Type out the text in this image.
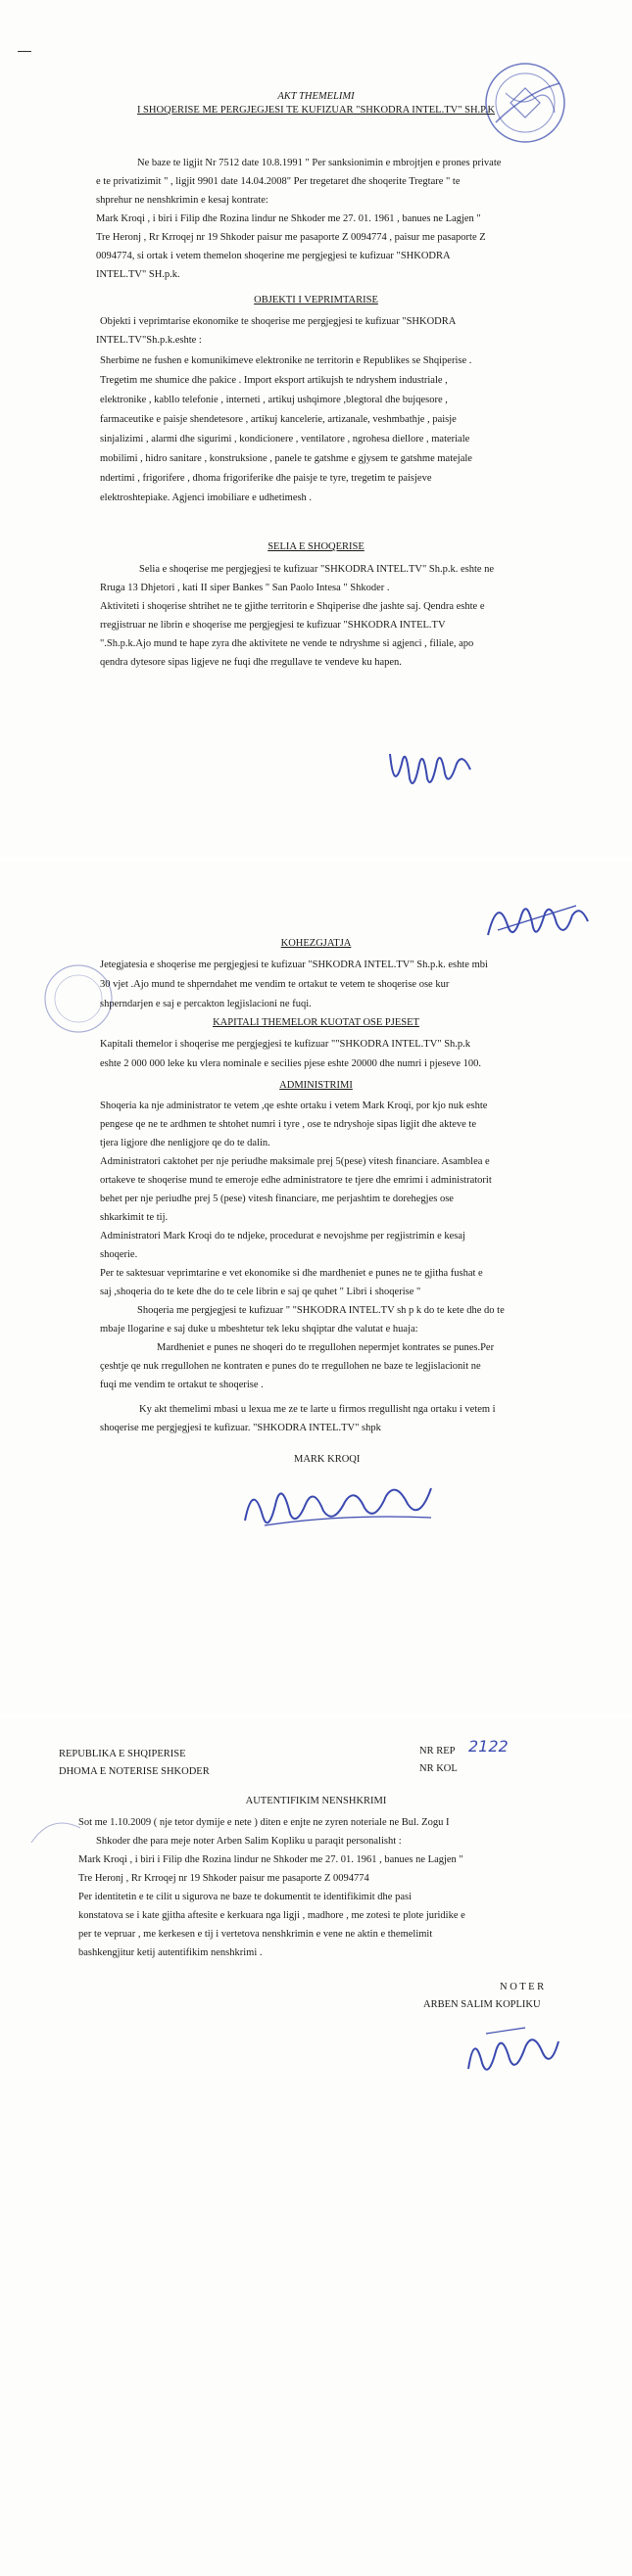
AKT THEMELIMI
I SHOQERISE ME PERGJEGJESI TE KUFIZUAR "SHKODRA INTEL.TV" SH.P.K
Ne baze te ligjit Nr 7512 date 10.8.1991 " Per sanksionimin e mbrojtjen e prones private
e te privatizimit " , ligjit 9901 date 14.04.2008" Per tregetaret dhe shoqerite Tregtare " te
shprehur ne nenshkrimin e kesaj kontrate:
Mark Kroqi , i biri i Filip dhe Rozina lindur ne Shkoder me 27. 01. 1961 , banues ne Lagjen "
Tre Heronj , Rr Krroqej nr 19 Shkoder paisur me pasaporte Z 0094774 , paisur me pasaporte Z
0094774, si ortak i vetem themelon shoqerine me pergjegjesi te kufizuar "SHKODRA
INTEL.TV" SH.p.k.
OBJEKTI I VEPRIMTARISE
Objekti i veprimtarise ekonomike te shoqerise me pergjegjesi te kufizuar "SHKODRA
INTEL.TV"Sh.p.k.eshte :
Sherbime ne fushen e komunikimeve elektronike ne territorin e Republikes se Shqiperise .
Tregetim me shumice dhe pakice . Import eksport artikujsh te ndryshem industriale ,
elektronike , kabllo telefonie , interneti , artikuj ushqimore ,blegtoral dhe bujqesore ,
farmaceutike e paisje shendetesore , artikuj kancelerie, artizanale, veshmbathje , paisje
sinjalizimi , alarmi dhe sigurimi , kondicionere , ventilatore , ngrohesa diellore , materiale
mobilimi , hidro sanitare , konstruksione , panele te gatshme e gjysem te gatshme matejale
ndertimi , frigorifere , dhoma frigoriferike dhe paisje te tyre, tregetim te paisjeve
elektroshtepiake. Agjenci imobiliare e udhetimesh .
SELIA E SHOQERISE
Selia e shoqerise me pergjegjesi te kufizuar "SHKODRA INTEL.TV" Sh.p.k. eshte ne
Rruga 13 Dhjetori , kati II siper Bankes " San Paolo Intesa " Shkoder .
Aktiviteti i shoqerise shtrihet ne te gjithe territorin e Shqiperise dhe jashte saj. Qendra eshte e
rregjistruar ne librin e shoqerise me pergjegjesi te kufizuar "SHKODRA INTEL.TV
".Sh.p.k.Ajo mund te hape zyra dhe aktivitete ne vende te ndryshme si agjenci , filiale, apo
qendra dytesore sipas ligjeve ne fuqi dhe rregullave te vendeve ku hapen.
KOHEZGJATJA
Jetegjatesia e shoqerise me pergjegjesi te kufizuar "SHKODRA INTEL.TV" Sh.p.k. eshte mbi
30 vjet .Ajo mund te shperndahet me vendim te ortakut te vetem te shoqerise ose kur
shperndarjen e saj e percakton legjislacioni ne fuqi.
KAPITALI THEMELOR KUOTAT OSE PJESET
Kapitali themelor i shoqerise me pergjegjesi te kufizuar ""SHKODRA INTEL.TV" Sh.p.k
eshte 2 000 000 leke ku vlera nominale e secilies pjese eshte 20000 dhe numri i pjeseve 100.
ADMINISTRIMI
Shoqeria ka nje administrator te vetem ,qe eshte ortaku i vetem Mark Kroqi, por kjo nuk eshte
pengese qe ne te ardhmen te shtohet numri i tyre , ose te ndryshoje sipas ligjit dhe aktevе te
tjera ligjore dhe nenligjore qe do te dalin.
Administratori caktohet per nje periudhe maksimale prej 5(pese) vitesh financiare. Asamblea e
ortakeve te shoqerise mund te emeroje edhe administratore te tjere dhe emrimi i administratorit
behet per nje periudhe prej 5 (pese) vitesh financiare, me perjashtim te dorehegjes ose
shkarkimit te tij.
Administratori Mark Kroqi do te ndjeke, procedurat e nevojshme per regjistrimin e kesaj
shoqerie.
Per te saktesuar veprimtarine e vet ekonomike si dhe mardheniet e punes ne te gjitha fushat e
saj ,shoqeria do te kete dhe do te cele librin e saj qe quhet " Libri i shoqerise "
Shoqeria me pergjegjesi te kufizuar " "SHKODRA INTEL.TV sh p k do te kete dhe do te
mbaje llogarine e saj duke u mbeshtetur tek leku shqiptar dhe valutat e huaja:
Mardheniet e punes ne shoqeri do te rregullohen nepermjet kontrates se punes.Per
çeshtje qe nuk rregullohen ne kontraten e punes do te rregullohen ne baze te legjislacionit ne
fuqi me vendim te ortakut te shoqerise .
Ky akt themelimi mbasi u lexua me ze te larte u firmos rregullisht nga ortaku i vetem i
shoqerise me pergjegjesi te kufizuar. "SHKODRA INTEL.TV" shpk
MARK KROQI
REPUBLIKA E SHQIPERISE
DHOMA E NOTERISE SHKODER
NR REP 2122
NR KOL
AUTENTIFIKIM NENSHKRIMI
Sot me 1.10.2009 ( nje tetor dymije e nete ) diten e enjte ne zyren noteriale ne Bul. Zogu I
Shkoder dhe para meje noter Arben Salim Kopliku u paraqit personalisht :
Mark Kroqi , i biri i Filip dhe Rozina lindur ne Shkoder me 27. 01. 1961 , banues ne Lagjen "
Tre Heronj , Rr Krroqej nr 19 Shkoder paisur me pasaporte Z 0094774
Per identitetin e te cilit u sigurova ne baze te dokumentit te identifikimit dhe pasi
konstatova se i kate gjitha aftesite e kerkuara nga ligji , madhore , me zotesi te plote juridike e
per te vepruar , me kerkesen e tij i vertetova nenshkrimin e vene ne aktin e themelimit
bashkengjitur ketij autentifikim nenshkrimi .
N O T E R
ARBEN SALIM KOPLIKU
